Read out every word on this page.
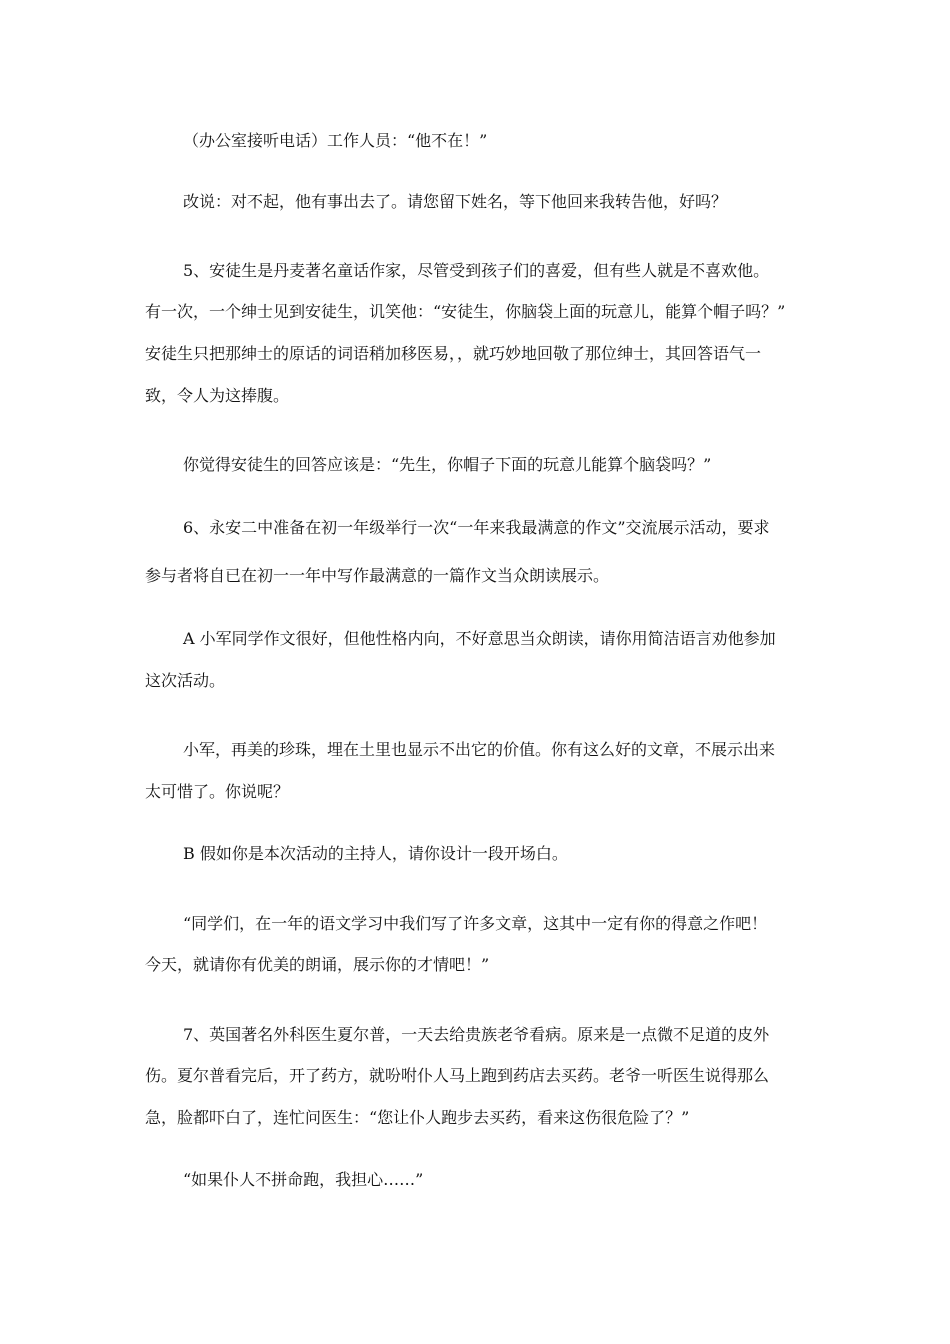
（办公室接听电话）工作人员：“他不在！”
改说：对不起，他有事出去了。请您留下姓名，等下他回来我转告他，好吗？
5、安徒生是丹麦著名童话作家，尽管受到孩子们的喜爱，但有些人就是不喜欢他。
有一次，一个绅士见到安徒生，讥笑他：“安徒生，你脑袋上面的玩意儿，能算个帽子吗？”
安徒生只把那绅士的原话的词语稍加移医易，，就巧妙地回敬了那位绅士，其回答语气一
致，令人为这捧腹。
你觉得安徒生的回答应该是：“先生，你帽子下面的玩意儿能算个脑袋吗？”
6、永安二中准备在初一年级举行一次“一年来我最满意的作文”交流展示活动，要求
参与者将自已在初一一年中写作最满意的一篇作文当众朗读展示。
A 小军同学作文很好，但他性格内向，不好意思当众朗读，请你用简洁语言劝他参加
这次活动。
小军，再美的珍珠，埋在土里也显示不出它的价值。你有这么好的文章，不展示出来
太可惜了。你说呢？
B 假如你是本次活动的主持人，请你设计一段开场白。
“同学们，在一年的语文学习中我们写了许多文章，这其中一定有你的得意之作吧！
今天，就请你有优美的朗诵，展示你的才情吧！”
7、英国著名外科医生夏尔普，一天去给贵族老爷看病。原来是一点微不足道的皮外
伤。夏尔普看完后，开了药方，就吩咐仆人马上跑到药店去买药。老爷一听医生说得那么
急，脸都吓白了，连忙问医生：“您让仆人跑步去买药，看来这伤很危险了？”
“如果仆人不拼命跑，我担心……”
